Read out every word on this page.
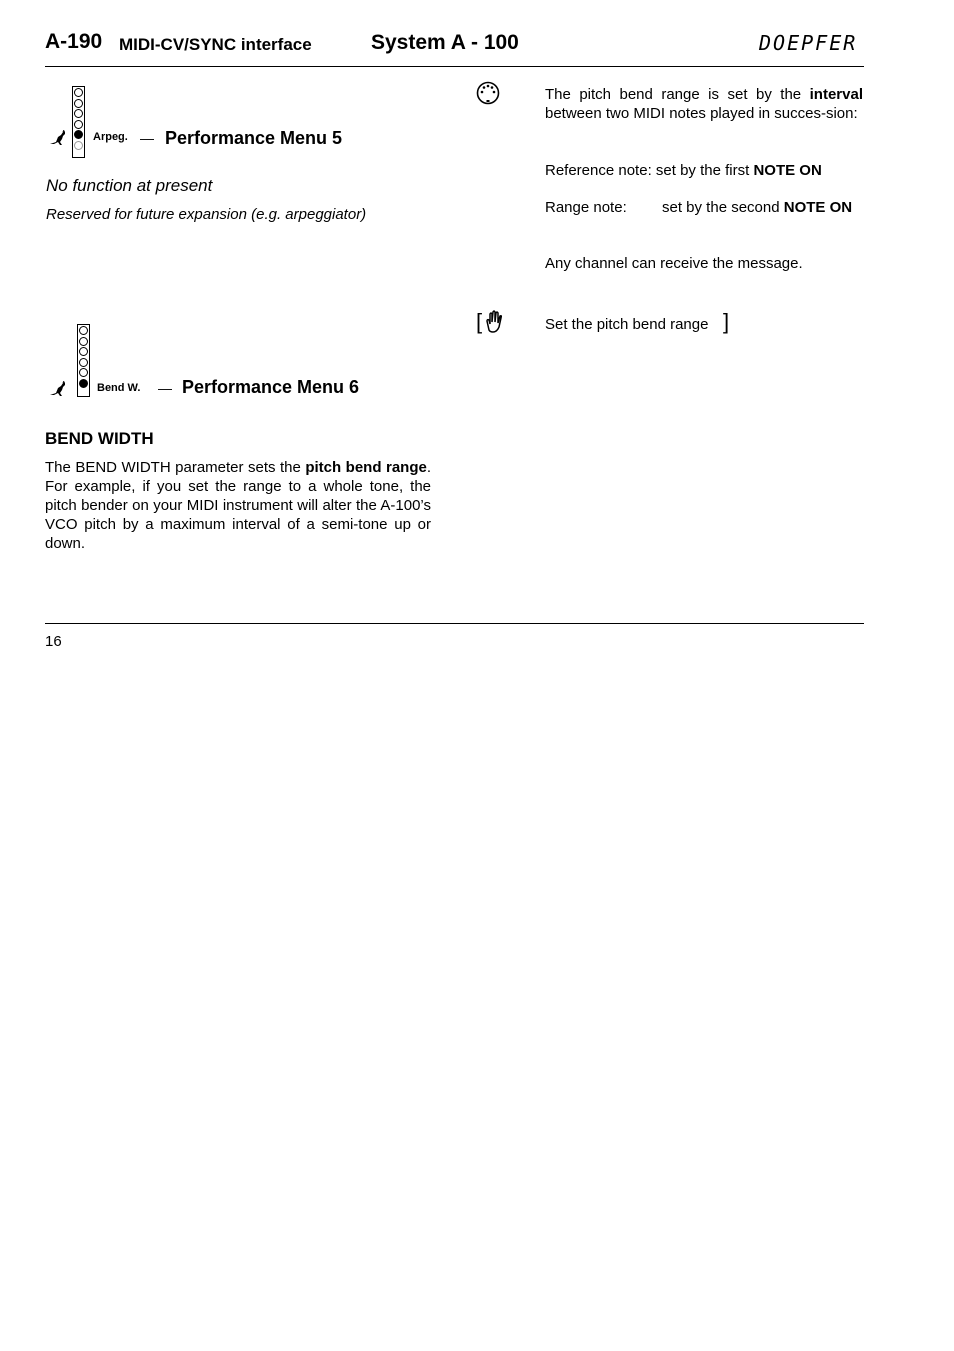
A-190 MIDI-CV/SYNC interface	System A - 100	DOEPFER
Arpeg. — Performance Menu 5
No function at present
Reserved for future expansion (e.g. arpeggiator)
Bend W. — Performance Menu 6
BEND WIDTH
The BEND WIDTH parameter sets the pitch bend range. For example, if you set the range to a whole tone, the pitch bender on your MIDI instrument will alter the A-100’s VCO pitch by a maximum interval of a semi-tone up or down.
The pitch bend range is set by the interval between two MIDI notes played in succes-sion:
Reference note: set by the first NOTE ON
Range note: set by the second NOTE ON
Any channel can receive the message.
[	Set the pitch bend range ]
16
